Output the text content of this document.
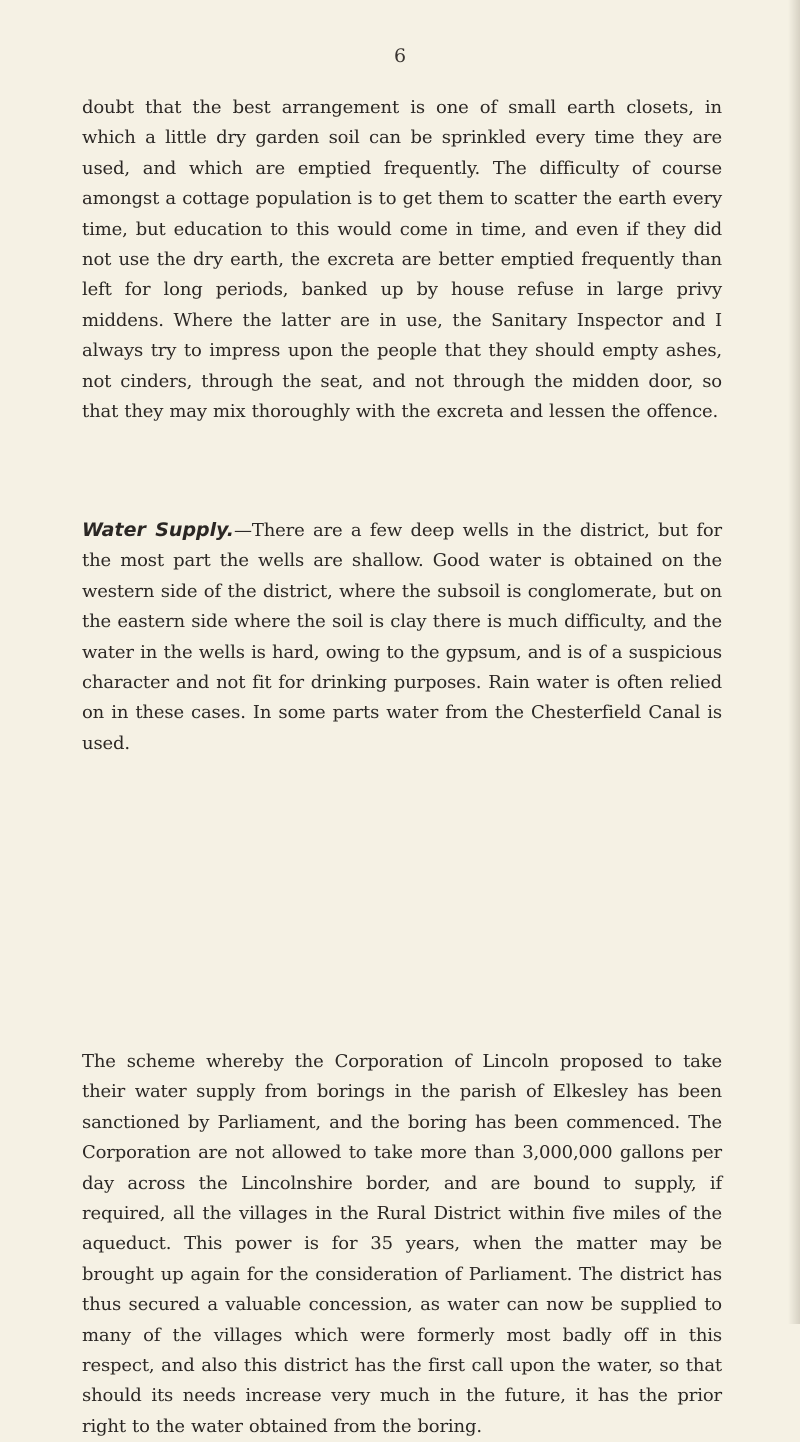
6

doubt that the best arrangement is one of small earth closets, in which a little dry garden soil can be sprinkled every time they are used, and which are emptied frequently. The difficulty of course amongst a cottage population is to get them to scatter the earth every time, but education to this would come in time, and even if they did not use the dry earth, the excreta are better emptied frequently than left for long periods, banked up by house refuse in large privy middens. Where the latter are in use, the Sanitary Inspector and I always try to impress upon the people that they should empty ashes, not cinders, through the seat, and not through the midden door, so that they may mix thoroughly with the excreta and lessen the offence.

Water Supply.—There are a few deep wells in the district, but for the most part the wells are shallow. Good water is obtained on the western side of the district, where the subsoil is conglomerate, but on the eastern side where the soil is clay there is much difficulty, and the water in the wells is hard, owing to the gypsum, and is of a suspicious character and not fit for drinking purposes. Rain water is often relied on in these cases. In some parts water from the Chesterfield Canal is used.

The scheme whereby the Corporation of Lincoln proposed to take their water supply from borings in the parish of Elkesley has been sanctioned by Parliament, and the boring has been commenced. The Corporation are not allowed to take more than 3,000,000 gallons per day across the Lincolnshire border, and are bound to supply, if required, all the villages in the Rural District within five miles of the aqueduct. This power is for 35 years, when the matter may be brought up again for the consideration of Parliament. The district has thus secured a valuable concession, as water can now be supplied to many of the villages which were formerly most badly off in this respect, and also this district has the first call upon the water, so that should its needs increase very much in the future, it has the prior right to the water obtained from the boring.
